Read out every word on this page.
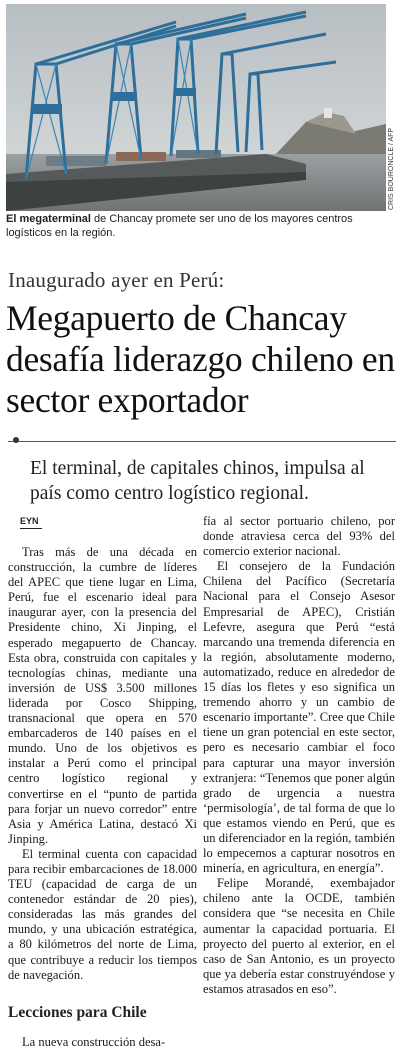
CRIS BOURONCLE / AFP
El megaterminal de Chancay promete ser uno de los mayores centros logísticos en la región.
Inaugurado ayer en Perú:
Megapuerto de Chancay desafía liderazgo chileno en sector exportador
El terminal, de capitales chinos, impulsa al país como centro logístico regional.
EYN

Tras más de una década en construcción, la cumbre de líderes del APEC que tiene lugar en Lima, Perú, fue el escenario ideal para inaugurar ayer, con la presencia del Presidente chino, Xi Jinping, el esperado megapuerto de Chancay. Esta obra, construida con capitales y tecnologías chinas, mediante una inversión de US$ 3.500 millones liderada por Cosco Shipping, transnacional que opera en 570 embarcaderos de 140 países en el mundo. Uno de los objetivos es instalar a Perú como el principal centro logístico regional y convertirse en el “punto de partida para forjar un nuevo corredor” entre Asia y América Latina, destacó Xi Jinping.

El terminal cuenta con capacidad para recibir embarcaciones de 18.000 TEU (capacidad de carga de un contenedor estándar de 20 pies), consideradas las más grandes del mundo, y una ubicación estratégica, a 80 kilómetros del norte de Lima, que contribuye a reducir los tiempos de navegación.

Lecciones para Chile

La nueva construcción desa-

fía al sector portuario chileno, por donde atraviesa cerca del 93% del comercio exterior nacional.

El consejero de la Fundación Chilena del Pacífico (Secretaría Nacional para el Consejo Asesor Empresarial de APEC), Cristián Lefevre, asegura que Perú “está marcando una tremenda diferencia en la región, absolutamente moderno, automatizado, reduce en alrededor de 15 días los fletes y eso significa un tremendo ahorro y un cambio de escenario importante”. Cree que Chile tiene un gran potencial en este sector, pero es necesario cambiar el foco para capturar una mayor inversión extranjera: “Tenemos que poner algún grado de urgencia a nuestra ‘permisología’, de tal forma de que lo que estamos viendo en Perú, que es un diferenciador en la región, también lo empecemos a capturar nosotros en minería, en agricultura, en energía”.

Felipe Morandé, exembajador chileno ante la OCDE, también considera que “se necesita en Chile aumentar la capacidad portuaria. El proyecto del puerto al exterior, en el caso de San Antonio, es un proyecto que ya debería estar construyéndose y estamos atrasados en eso”.
